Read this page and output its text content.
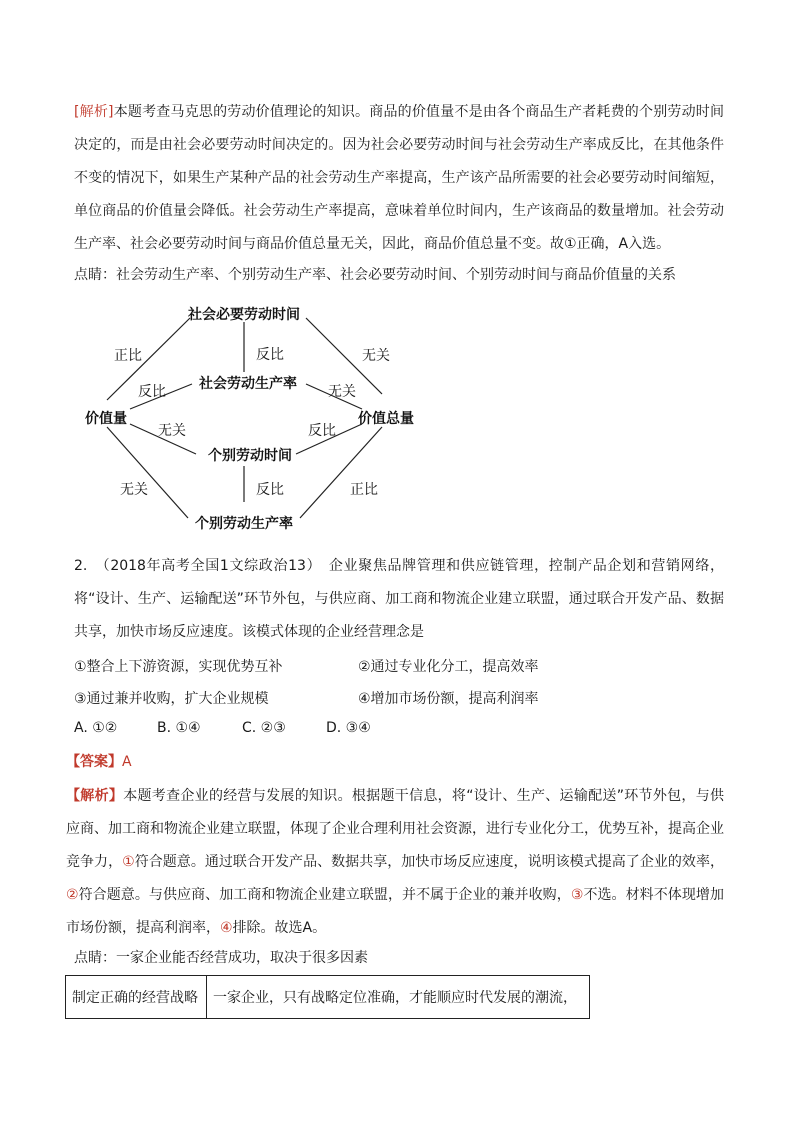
[解析]本题考查马克思的劳动价值理论的知识。商品的价值量不是由各个商品生产者耗费的个别劳动时间决定的，而是由社会必要劳动时间决定的。因为社会必要劳动时间与社会劳动生产率成反比，在其他条件不变的情况下，如果生产某种产品的社会劳动生产率提高，生产该产品所需要的社会必要劳动时间缩短，单位商品的价值量会降低。社会劳动生产率提高，意味着单位时间内，生产该商品的数量增加。社会劳动生产率、社会必要劳动时间与商品价值总量无关，因此，商品价值总量不变。故①正确，A入选。
点睛：社会劳动生产率、个别劳动生产率、社会必要劳动时间、个别劳动时间与商品价值量的关系
社会必要劳动时间
价值量
社会劳动生产率
价值总量
个别劳动时间
个别劳动生产率
正比	反比	无关
反比	无关
无关	反比
无关	反比	正比
2.　（2018年高考全国1文综政治13）　企业聚焦品牌管理和供应链管理，控制产品企划和营销网络，将“设计、生产、运输配送”环节外包，与供应商、加工商和物流企业建立联盟，通过联合开发产品、数据共享，加快市场反应速度。该模式体现的企业经营理念是
①整合上下游资源，实现优势互补	②通过专业化分工，提高效率
③通过兼并收购，扩大企业规模	④增加市场份额，提高利润率
A. ①②	B. ①④	C. ②③	D. ③④
【答案】A
【解析】本题考查企业的经营与发展的知识。根据题干信息，将“设计、生产、运输配送”环节外包，与供应商、加工商和物流企业建立联盟，体现了企业合理利用社会资源，进行专业化分工，优势互补，提高企业竞争力，①符合题意。通过联合开发产品、数据共享，加快市场反应速度，说明该模式提高了企业的效率，②符合题意。与供应商、加工商和物流企业建立联盟，并不属于企业的兼并收购，③不选。材料不体现增加市场份额，提高利润率，④排除。故选A。
点睛：一家企业能否经营成功，取决于很多因素
制定正确的经营战略	一家企业，只有战略定位准确，才能顺应时代发展的潮流，
